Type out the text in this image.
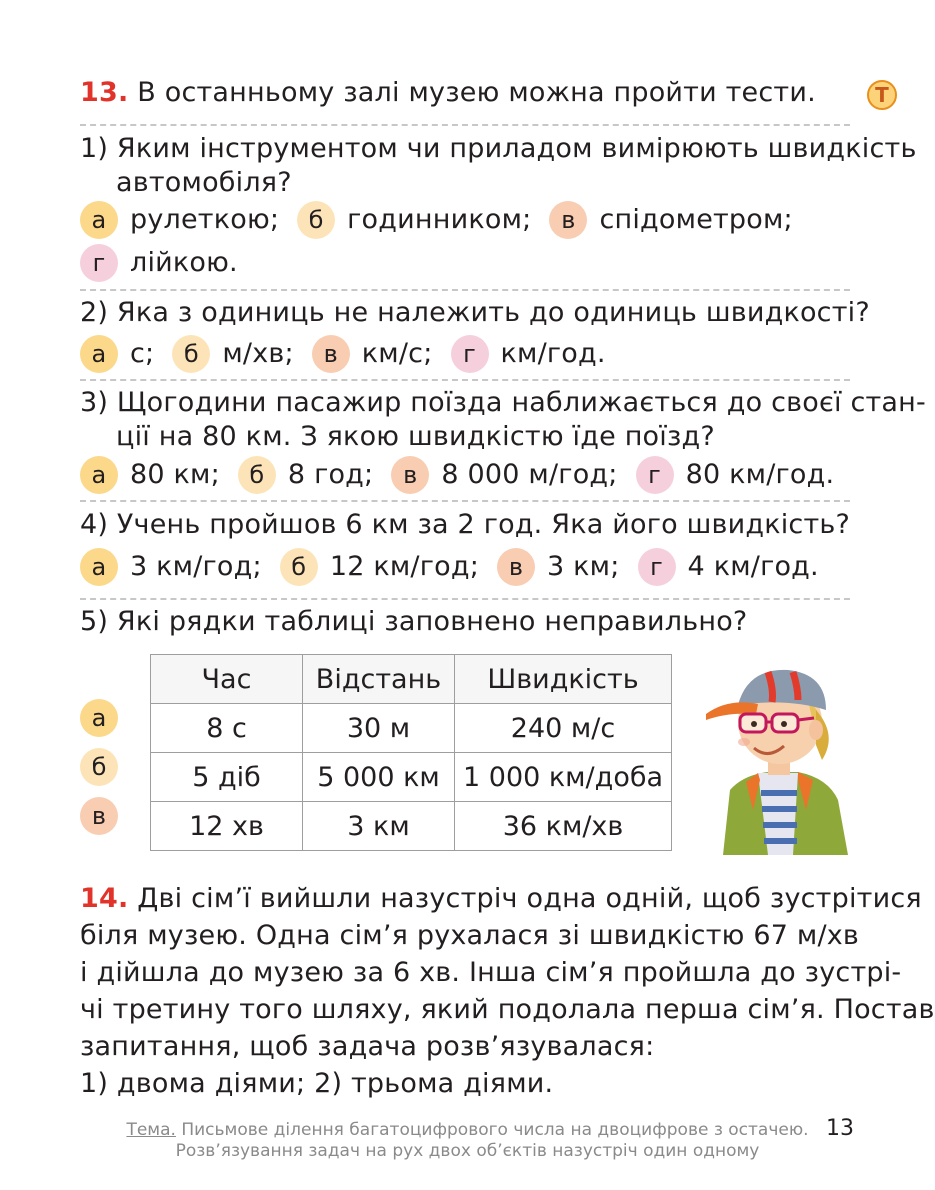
13. В останньому залі музею можна пройти тести.	Т
1) Яким інструментом чи приладом вимірюють швидкість
автомобіля?
а рулеткою;	б годинником;	в спідометром;
г лійкою.
2) Яка з одиниць не належить до одиниць швидкості?
а с;	б м/хв;	в км/с;	г км/год.
3) Щогодини пасажир поїзда наближається до своєї стан-
ції на 80 км. З якою швидкістю їде поїзд?
а 80 км;	б 8 год;	в 8 000 м/год;	г 80 км/год.
4) Учень пройшов 6 км за 2 год. Яка його швидкість?
а 3 км/год;	б 12 км/год;	в 3 км;	г 4 км/год.
5) Які рядки таблиці заповнено неправильно?
Час	Відстань	Швидкість
8 с	30 м	240 м/с
5 діб	5 000 км	1 000 км/доба
12 хв	3 км	36 км/хв
а
б
в
14. Дві сім’ї вийшли назустріч одна одній, щоб зустрітися
біля музею. Одна сім’я рухалася зі швидкістю 67 м/хв
і дійшла до музею за 6 хв. Інша сім’я пройшла до зустрі-
чі третину того шляху, який подолала перша сім’я. Постав
запитання, щоб задача розв’язувалася:
1) двома діями; 2) трьома діями.
Тема. Письмове ділення багатоцифрового числа на двоцифрове з остачею.
Розв’язування задач на рух двох об’єктів назустріч один одному
13
